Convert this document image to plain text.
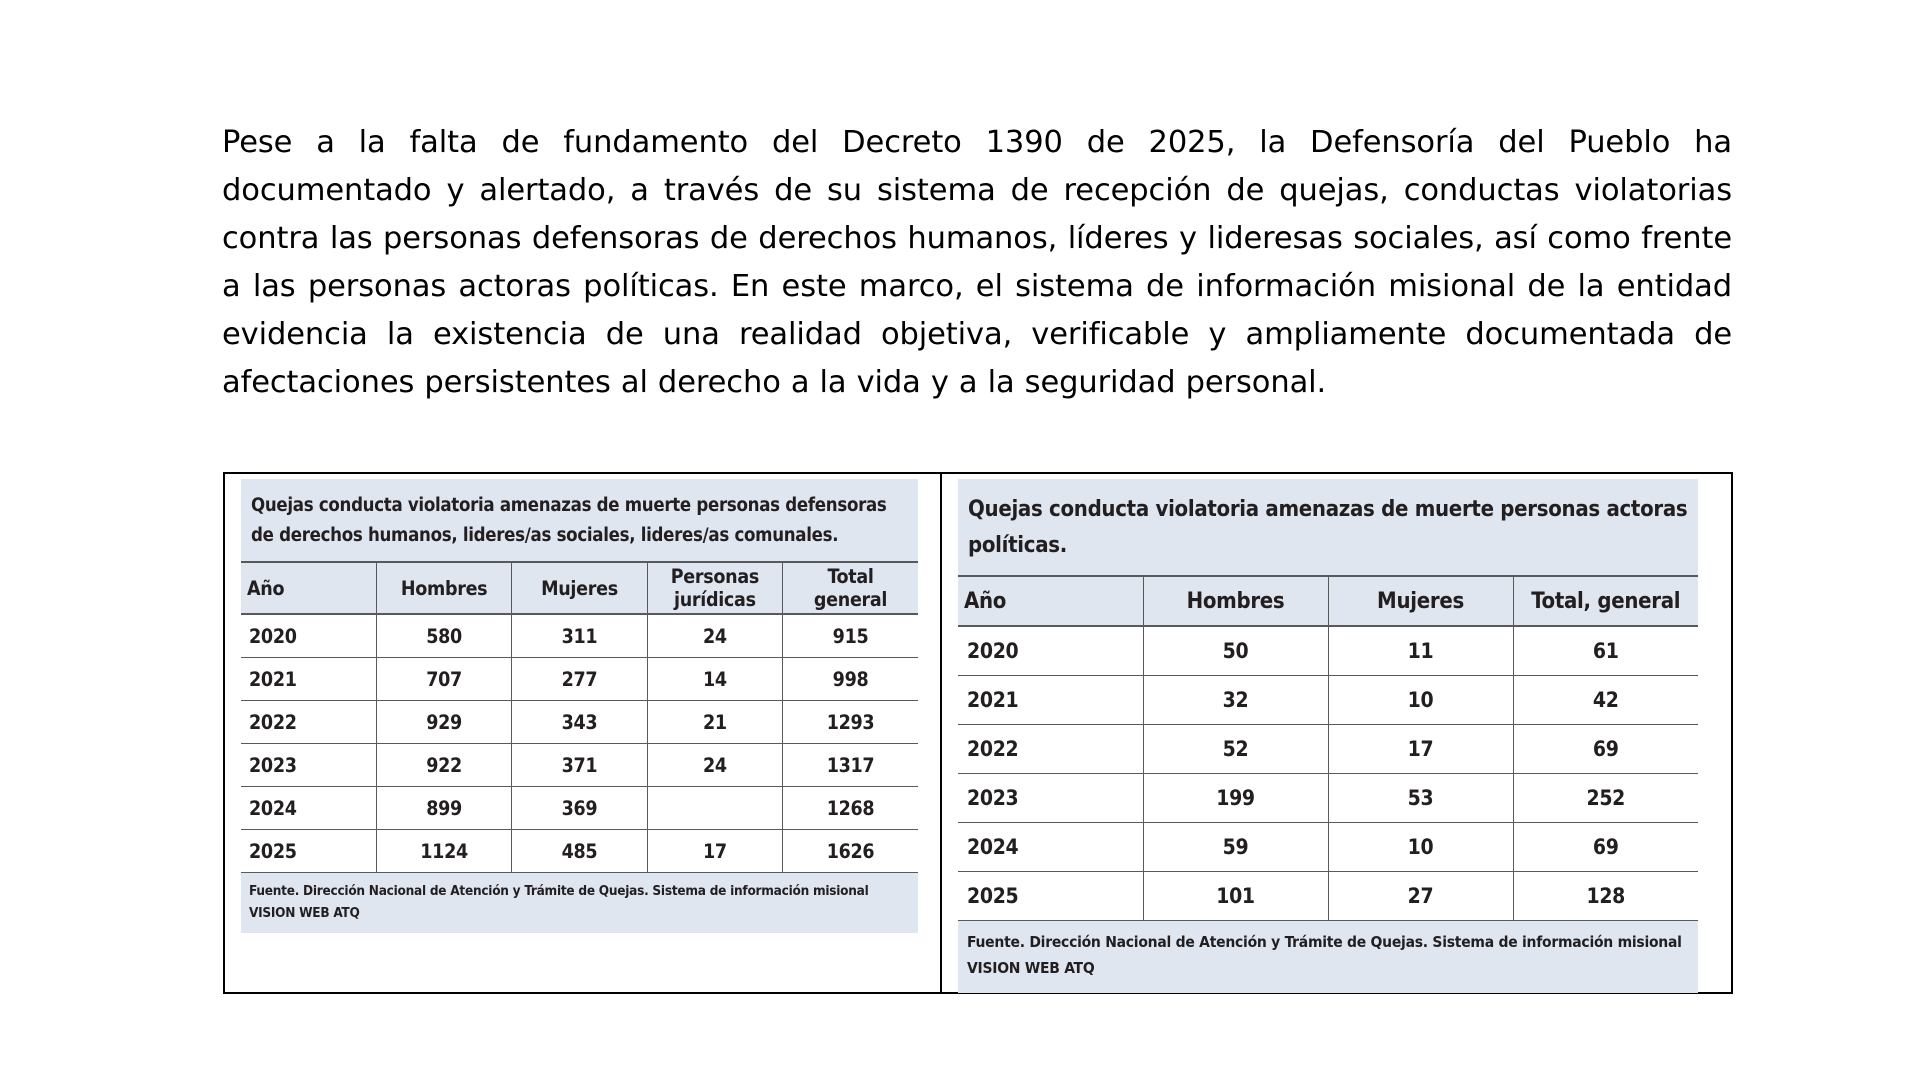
Pese a la falta de fundamento del Decreto 1390 de 2025, la Defensoría del Pueblo ha documentado y alertado, a través de su sistema de recepción de quejas, conductas violatorias contra las personas defensoras de derechos humanos, líderes y lideresas sociales, así como frente a las personas actoras políticas. En este marco, el sistema de información misional de la entidad evidencia la existencia de una realidad objetiva, verificable y ampliamente documentada de afectaciones persistentes al derecho a la vida y a la seguridad personal.

Quejas conducta violatoria amenazas de muerte personas defensoras de derechos humanos, lideres/as sociales, lideres/as comunales.				
Año	Hombres	Mujeres	Personas jurídicas	Total general
2020	580	311	24	915
2021	707	277	14	998
2022	929	343	21	1293
2023	922	371	24	1317
2024	899	369		1268
2025	1124	485	17	1626
Fuente. Dirección Nacional de Atención y Trámite de Quejas. Sistema de información misional VISION WEB ATQ				
Quejas conducta violatoria amenazas de muerte personas actoras políticas.			
Año	Hombres	Mujeres	Total, general
2020	50	11	61
2021	32	10	42
2022	52	17	69
2023	199	53	252
2024	59	10	69
2025	101	27	128
Fuente. Dirección Nacional de Atención y Trámite de Quejas. Sistema de información misional VISION WEB ATQ			
